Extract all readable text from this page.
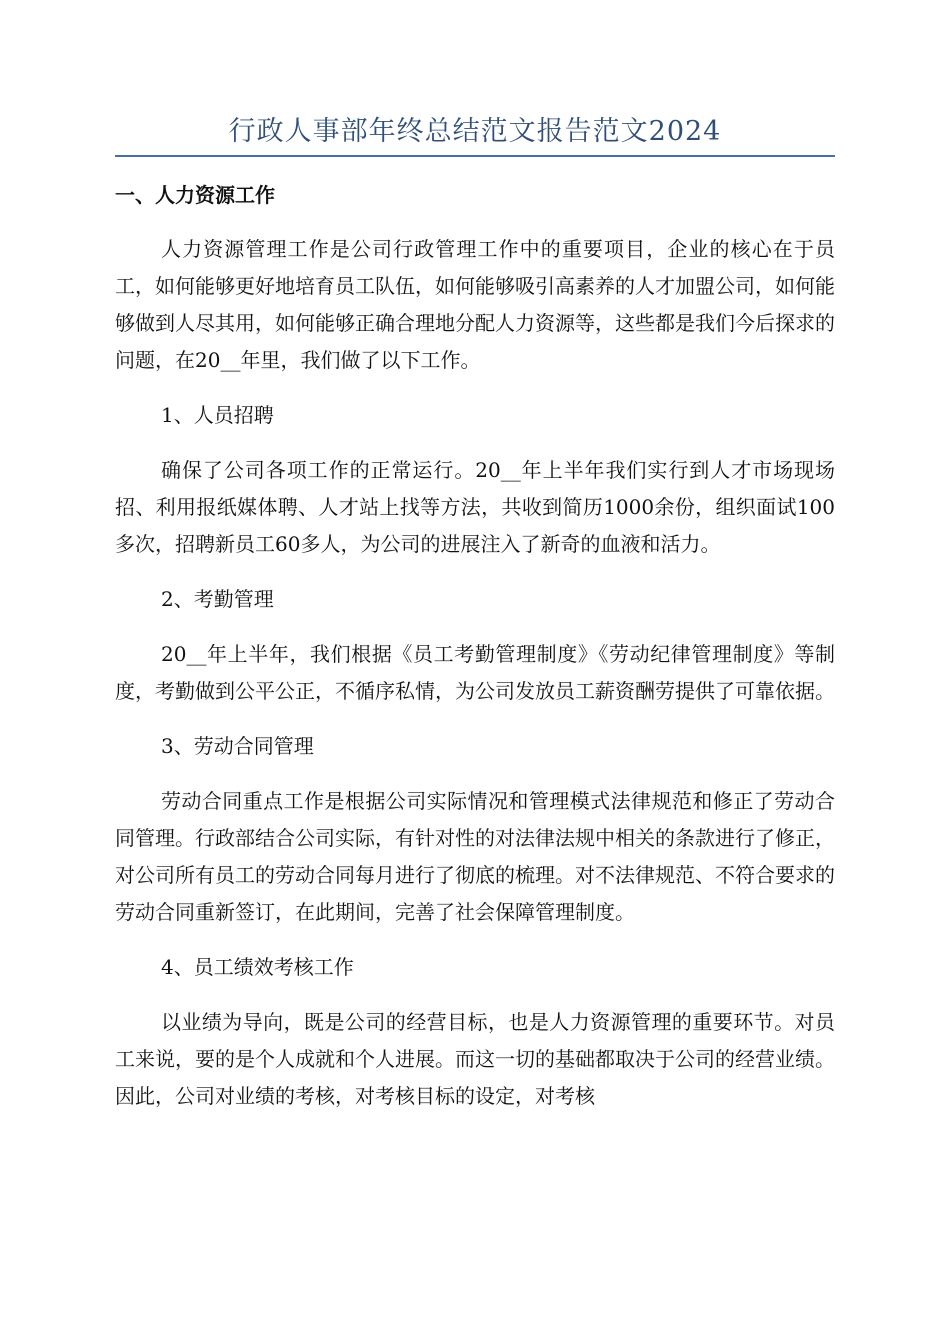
行政人事部年终总结范文报告范文2024

一、人力资源工作

人力资源管理工作是公司行政管理工作中的重要项目，企业的核心在于员工，如何能够更好地培育员工队伍，如何能够吸引高素养的人才加盟公司，如何能够做到人尽其用，如何能够正确合理地分配人力资源等，这些都是我们今后探求的问题，在20__年里，我们做了以下工作。

1、人员招聘

确保了公司各项工作的正常运行。20__年上半年我们实行到人才市场现场招、利用报纸媒体聘、人才站上找等方法，共收到简历1000余份，组织面试100多次，招聘新员工60多人，为公司的进展注入了新奇的血液和活力。

2、考勤管理

20__年上半年，我们根据《员工考勤管理制度》《劳动纪律管理制度》等制度，考勤做到公平公正，不循序私情，为公司发放员工薪资酬劳提供了可靠依据。

3、劳动合同管理

劳动合同重点工作是根据公司实际情况和管理模式法律规范和修正了劳动合同管理。行政部结合公司实际，有针对性的对法律法规中相关的条款进行了修正，对公司所有员工的劳动合同每月进行了彻底的梳理。对不法律规范、不符合要求的劳动合同重新签订，在此期间，完善了社会保障管理制度。

4、员工绩效考核工作

以业绩为导向，既是公司的经营目标，也是人力资源管理的重要环节。对员工来说，要的是个人成就和个人进展。而这一切的基础都取决于公司的经营业绩。因此，公司对业绩的考核，对考核目标的设定，对考核
